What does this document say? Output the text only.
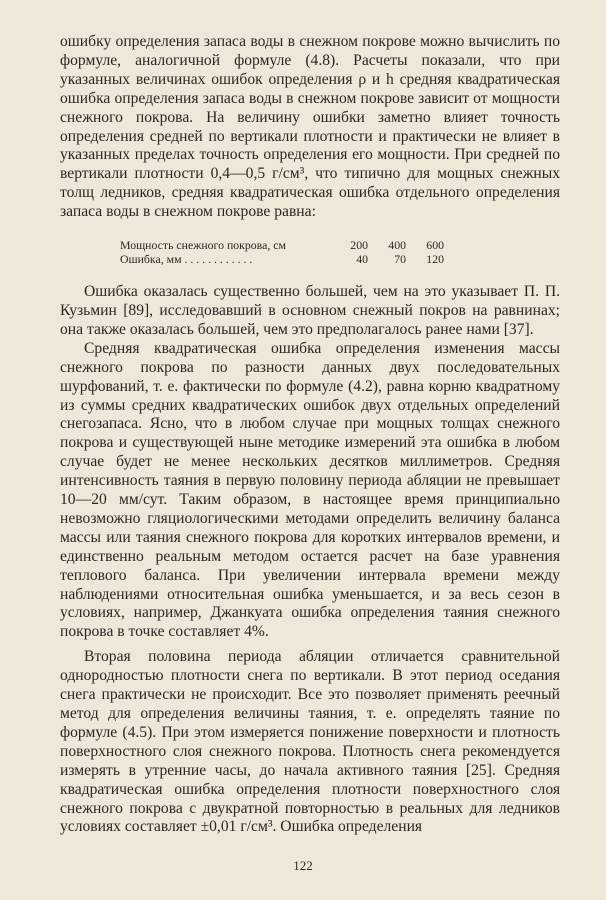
ошибку определения запаса воды в снежном покрове можно вычислить по формуле, аналогичной формуле (4.8). Расчеты показали, что при указанных величинах ошибок определения ρ и h средняя квадратическая ошибка определения запаса воды в снежном покрове зависит от мощности снежного покрова. На величину ошибки заметно влияет точность определения средней по вертикали плотности и практически не влияет в указанных пределах точность определения его мощности. При средней по вертикали плотности 0,4—0,5 г/см³, что типично для мощных снежных толщ ледников, средняя квадратическая ошибка отдельного определения запаса воды в снежном покрове равна:

Мощность снежного покрова, см	200	400	600
Ошибка, мм . . . . . . . . . . . .	40	70	120

Ошибка оказалась существенно большей, чем на это указывает П. П. Кузьмин [89], исследовавший в основном снежный покров на равнинах; она также оказалась большей, чем это предполагалось ранее нами [37].

Средняя квадратическая ошибка определения изменения массы снежного покрова по разности данных двух последовательных шурфований, т. е. фактически по формуле (4.2), равна корню квадратному из суммы средних квадратических ошибок двух отдельных определений снегозапаса. Ясно, что в любом случае при мощных толщах снежного покрова и существующей ныне методике измерений эта ошибка в любом случае будет не менее нескольких десятков миллиметров. Средняя интенсивность таяния в первую половину периода абляции не превышает 10—20 мм/сут. Таким образом, в настоящее время принципиально невозможно гляциологическими методами определить величину баланса массы или таяния снежного покрова для коротких интервалов времени, и единственно реальным методом остается расчет на базе уравнения теплового баланса. При увеличении интервала времени между наблюдениями относительная ошибка уменьшается, и за весь сезон в условиях, например, Джанкуата ошибка определения таяния снежного покрова в точке составляет 4%.

Вторая половина периода абляции отличается сравнительной однородностью плотности снега по вертикали. В этот период оседания снега практически не происходит. Все это позволяет применять реечный метод для определения величины таяния, т. е. определять таяние по формуле (4.5). При этом измеряется понижение поверхности и плотность поверхностного слоя снежного покрова. Плотность снега рекомендуется измерять в утренние часы, до начала активного таяния [25]. Средняя квадратическая ошибка определения плотности поверхностного слоя снежного покрова с двукратной повторностью в реальных для ледников условиях составляет ±0,01 г/см³. Ошибка определения

122
